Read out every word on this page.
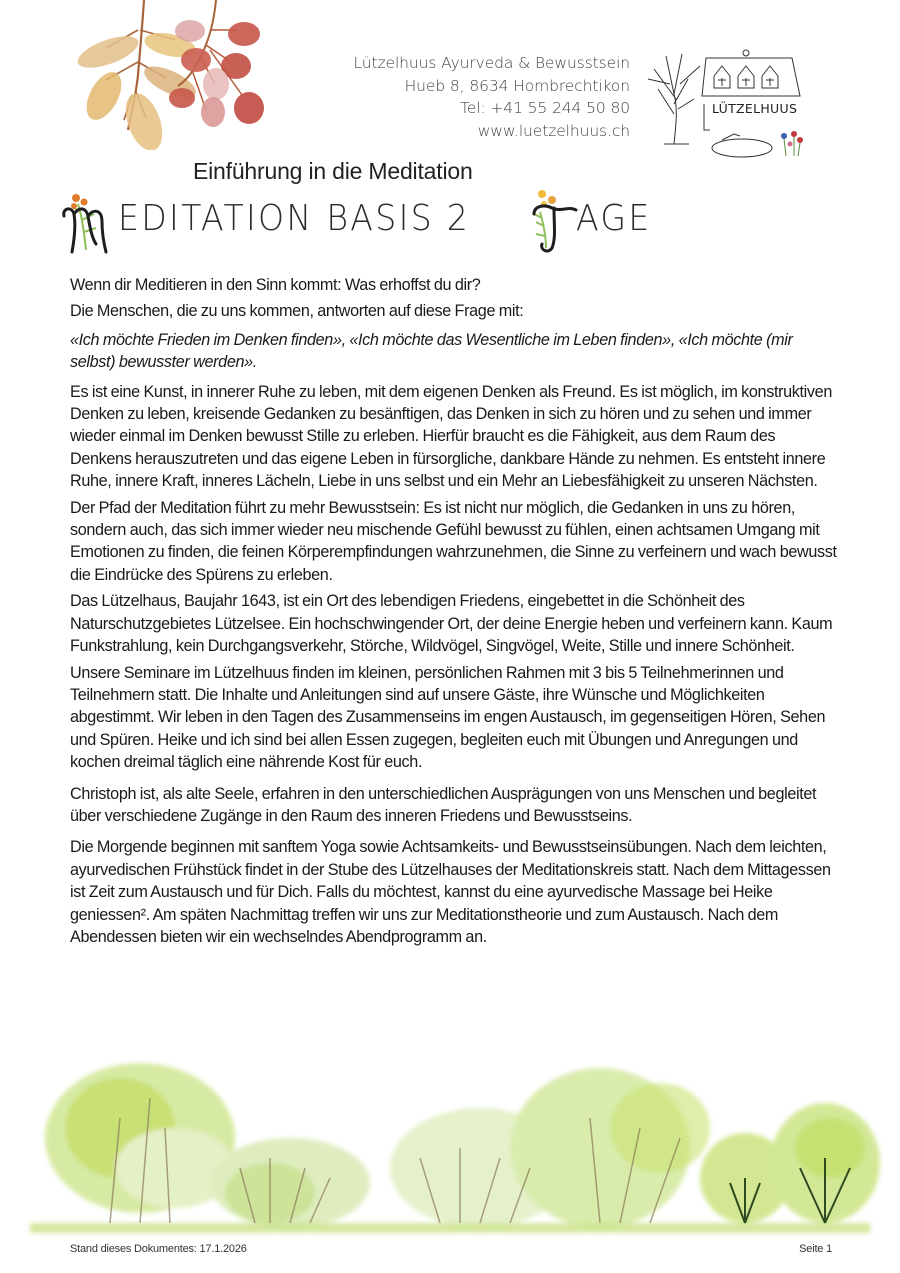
Lützelhuus Ayurveda & Bewusstsein
Hueb 8, 8634 Hombrechtikon
Tel: +41 55 244 50 80
www.luetzelhuus.ch
LÜTZELHUUS
Einführung in die Meditation
EDITATION BASIS 2	AGE

Wenn dir Meditieren in den Sinn kommt: Was erhoffst du dir?

Die Menschen, die zu uns kommen, antworten auf diese Frage mit:

«Ich möchte Frieden im Denken finden», «Ich möchte das Wesentliche im Leben finden», «Ich möchte (mir selbst) bewusster werden».

Es ist eine Kunst, in innerer Ruhe zu leben, mit dem eigenen Denken als Freund. Es ist möglich, im konstruktiven Denken zu leben, kreisende Gedanken zu besänftigen, das Denken in sich zu hören und zu sehen und immer wieder einmal im Denken bewusst Stille zu erleben. Hierfür braucht es die Fähigkeit, aus dem Raum des Denkens herauszutreten und das eigene Leben in fürsorgliche, dankbare Hände zu nehmen. Es entsteht innere Ruhe, innere Kraft, inneres Lächeln, Liebe in uns selbst und ein Mehr an Liebesfähigkeit zu unseren Nächsten.

Der Pfad der Meditation führt zu mehr Bewusstsein: Es ist nicht nur möglich, die Gedanken in uns zu hören, sondern auch, das sich immer wieder neu mischende Gefühl bewusst zu fühlen, einen achtsamen Umgang mit Emotionen zu finden, die feinen Körperempfindungen wahrzunehmen, die Sinne zu verfeinern und wach bewusst die Eindrücke des Spürens zu erleben.

Das Lützelhaus, Baujahr 1643, ist ein Ort des lebendigen Friedens, eingebettet in die Schönheit des Naturschutzgebietes Lützelsee. Ein hochschwingender Ort, der deine Energie heben und verfeinern kann. Kaum Funkstrahlung, kein Durchgangsverkehr, Störche, Wildvögel, Singvögel, Weite, Stille und innere Schönheit.

Unsere Seminare im Lützelhuus finden im kleinen, persönlichen Rahmen mit 3 bis 5 Teilnehmerinnen und Teilnehmern statt. Die Inhalte und Anleitungen sind auf unsere Gäste, ihre Wünsche und Möglichkeiten abgestimmt. Wir leben in den Tagen des Zusammenseins im engen Austausch, im gegenseitigen Hören, Sehen und Spüren. Heike und ich sind bei allen Essen zugegen, begleiten euch mit Übungen und Anregungen und kochen dreimal täglich eine nährende Kost für euch.

Christoph ist, als alte Seele, erfahren in den unterschiedlichen Ausprägungen von uns Menschen und begleitet über verschiedene Zugänge in den Raum des inneren Friedens und Bewusstseins.

Die Morgende beginnen mit sanftem Yoga sowie Achtsamkeits- und Bewusstseinsübungen. Nach dem leichten, ayurvedischen Frühstück findet in der Stube des Lützelhauses der Meditationskreis statt. Nach dem Mittagessen ist Zeit zum Austausch und für Dich. Falls du möchtest, kannst du eine ayurvedische Massage bei Heike geniessen². Am späten Nachmittag treffen wir uns zur Meditationstheorie und zum Austausch. Nach dem Abendessen bieten wir ein wechselndes Abendprogramm an.

Stand dieses Dokumentes: 17.1.2026	Seite 1
